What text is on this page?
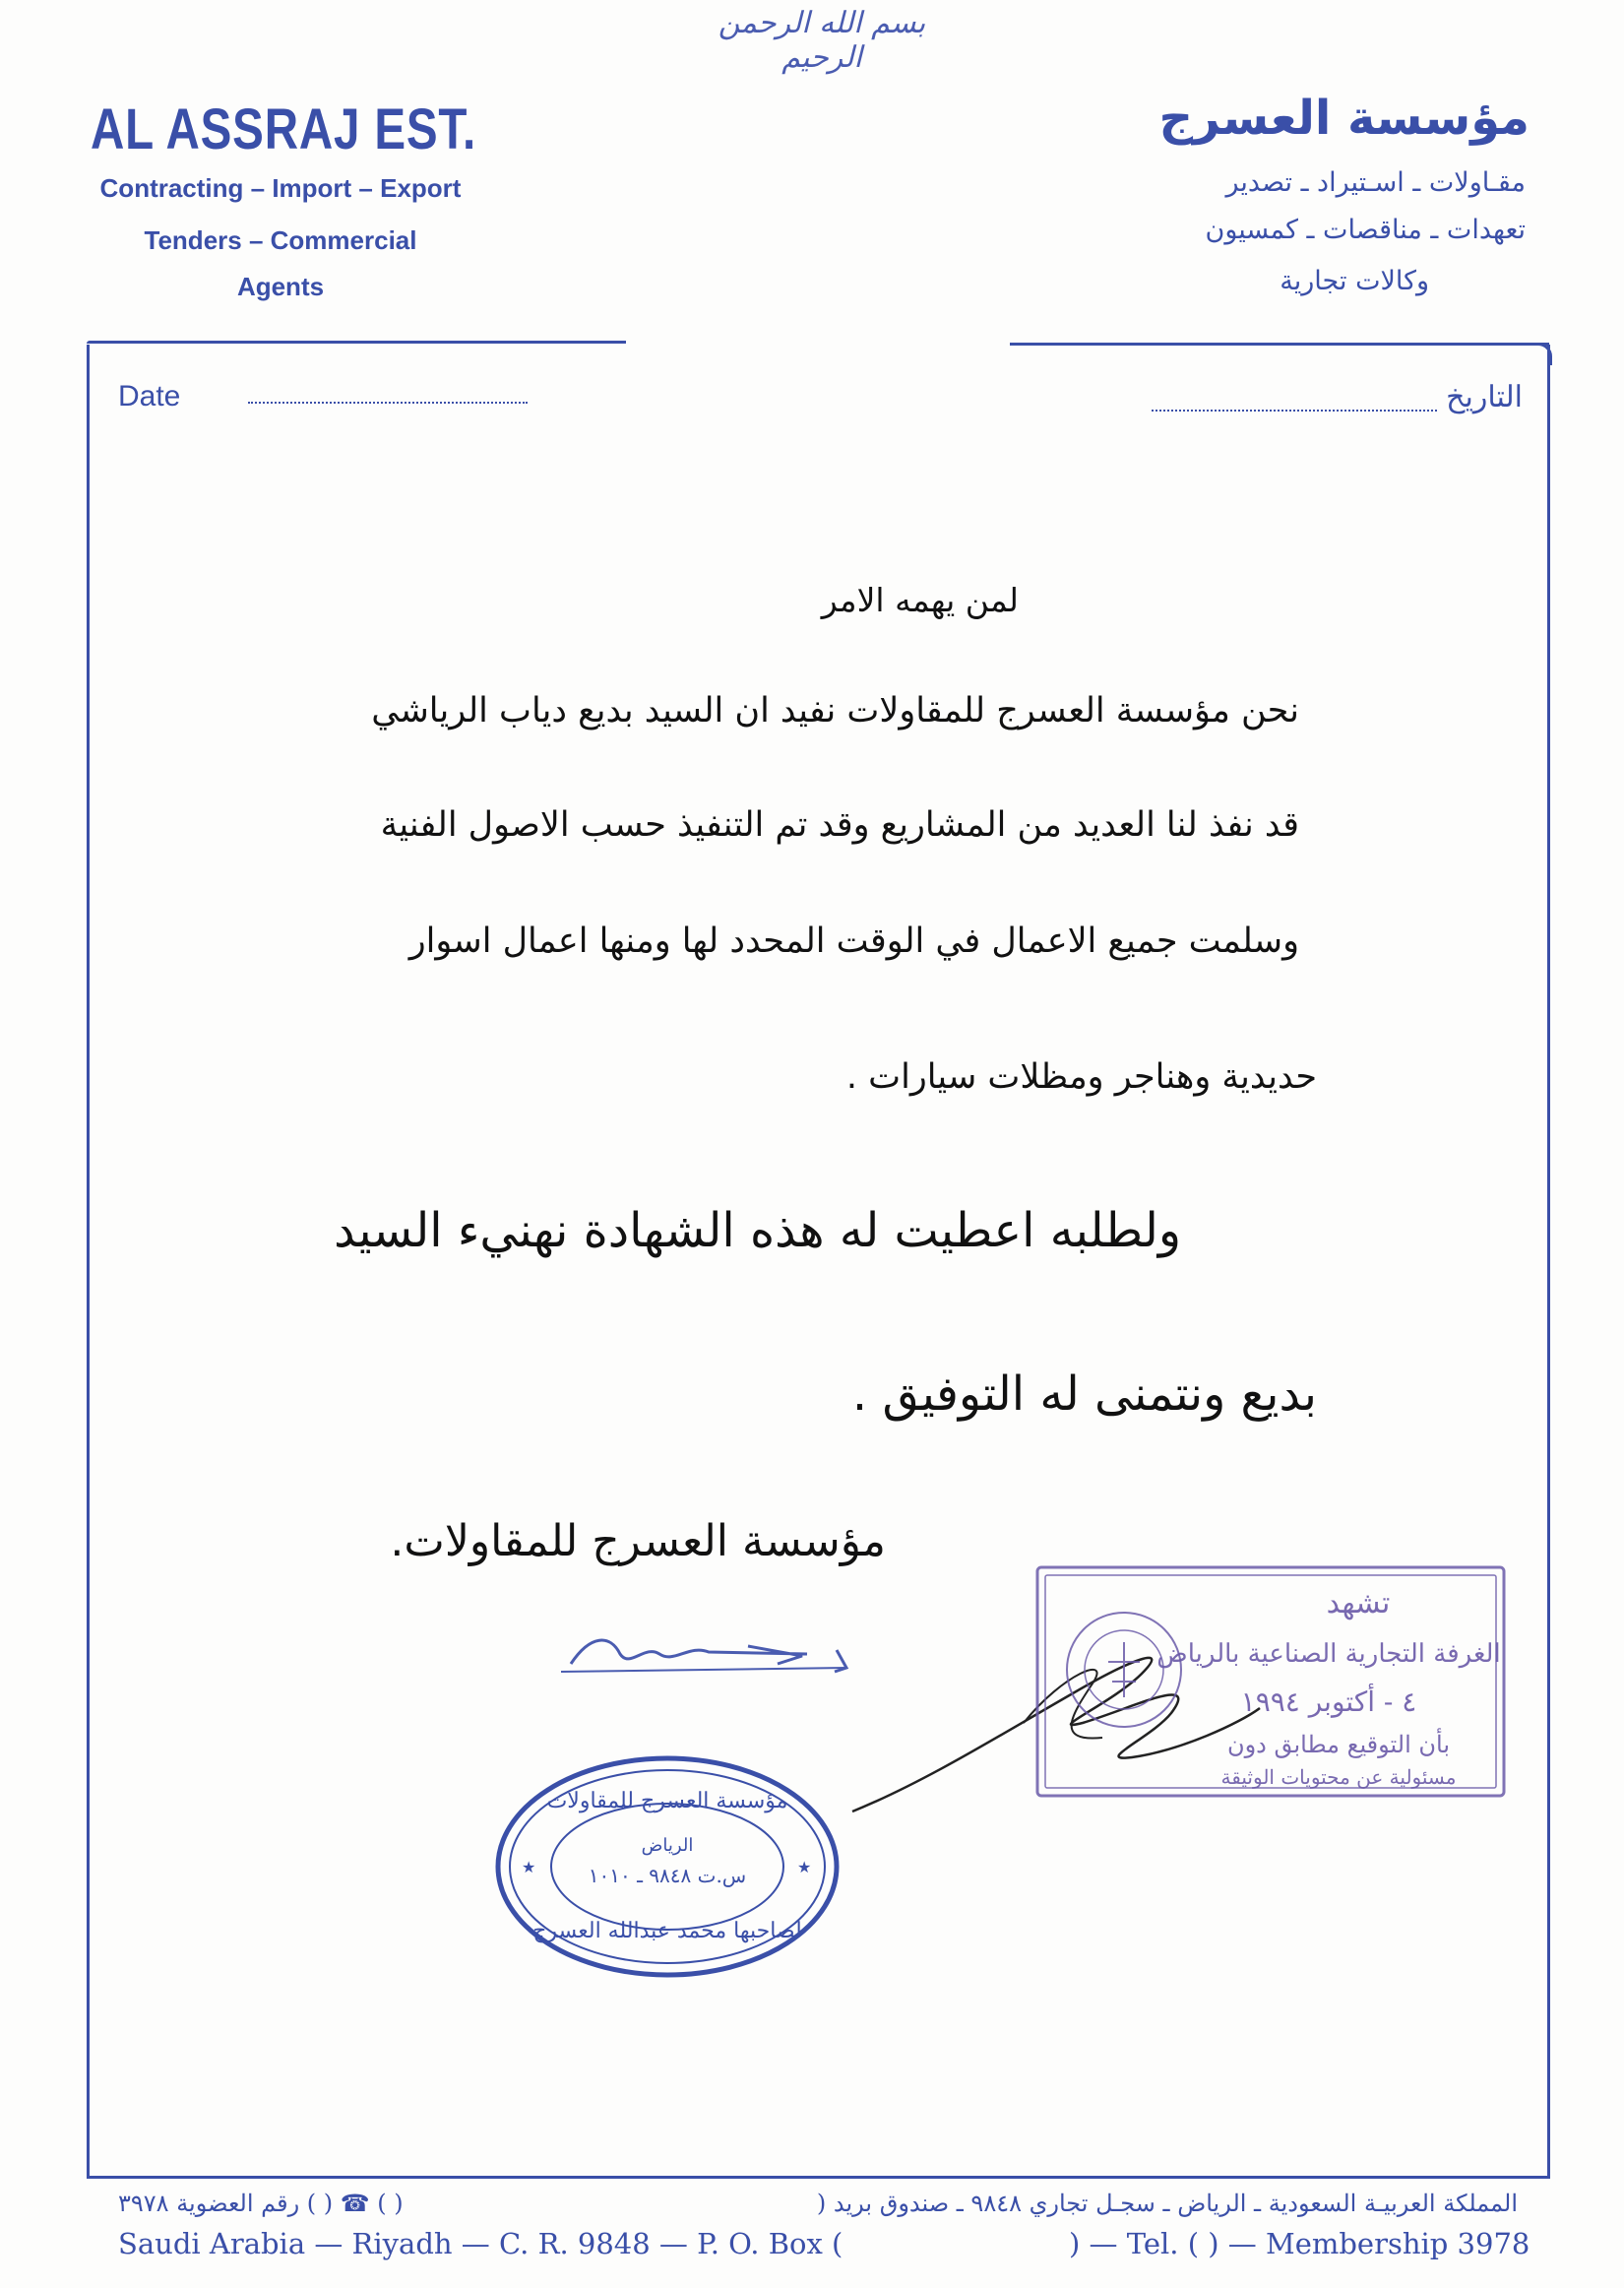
بسم الله الرحمن الرحيم
AL ASSRAJ EST.
Contracting – Import – Export
Tenders – Commercial
Agents
مؤسسة العسرج
مقـاولات ـ اسـتيراد ـ تصدير
تعهدات ـ مناقصات ـ كمسيون
وكالات تجارية
Date	التاريخ
لمن يهمه الامر
نحن مؤسسة العسرج للمقاولات نفيد ان السيد بديع دياب الرياشي
قد نفذ لنا العديد من المشاريع وقد تم التنفيذ حسب الاصول الفنية
وسلمت جميع الاعمال في الوقت المحدد لها ومنها اعمال اسوار
حديدية وهناجر ومظلات سيارات .
ولطلبه اعطيت له هذه الشهادة نهنيء السيد
بديع ونتمنى له التوفيق .
مؤسسة العسرج للمقاولات.
مؤسسة العسرج للمقاولات
الرياض
س.ت ٩٨٤٨ ـ ١٠١٠
لصاحبها محمد عبدالله العسرج
★	★
تشهد
الغرفة التجارية الصناعية بالرياض
٤ - أكتوبر ١٩٩٤
بأن التوقيع مطابق دون
مسئولية عن محتويات الوثيقة
المملكة العربيـة السعودية ـ الرياض ـ سجـل تجاري ٩٨٤٨ ـ صندوق بريد (
( ) ☎ ( ) رقم العضوية ٣٩٧٨
Saudi Arabia — Riyadh — C. R. 9848 — P. O. Box (	) — Tel. ( ) — Membership 3978
